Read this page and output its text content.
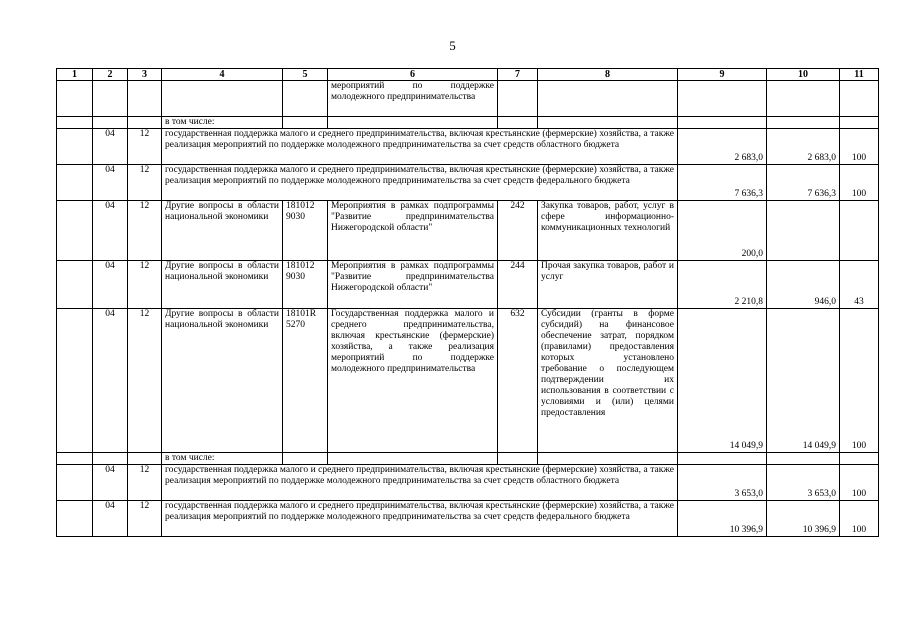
5
1	2	3	4	5	6	7	8	9	10	11
					мероприятий по поддержке молодежного предпринимательства					
			в том числе:							
	04	12	государственная поддержка малого и среднего предпринимательства, включая крестьянские (фермерские) хозяйства, а также реализация мероприятий по поддержке молодежного предпринимательства за счет средств областного бюджета					2 683,0	2 683,0	100
	04	12	государственная поддержка малого и среднего предпринимательства, включая крестьянские (фермерские) хозяйства, а также реализация мероприятий по поддержке молодежного предпринимательства за счет средств федерального бюджета					7 636,3	7 636,3	100
	04	12	Другие вопросы в области национальной экономики	181012 9030	Мероприятия в рамках подпрограммы "Развитие предпринимательства Нижегородской области"	242	Закупка товаров, работ, услуг в сфере информационно-коммуникационных технологий	200,0		
	04	12	Другие вопросы в области национальной экономики	181012 9030	Мероприятия в рамках подпрограммы "Развитие предпринимательства Нижегородской области"	244	Прочая закупка товаров, работ и услуг	2 210,8	946,0	43
	04	12	Другие вопросы в области национальной экономики	18101R 5270	Государственная поддержка малого и среднего предпринимательства, включая крестьянские (фермерские) хозяйства, а также реализация мероприятий по поддержке молодежного предпринимательства	632	Субсидии (гранты в форме субсидий) на финансовое обеспечение затрат, порядком (правилами) предоставления которых установлено требование о последующем подтверждении их использования в соответствии с условиями и (или) целями предоставления	14 049,9	14 049,9	100
			в том числе:							
	04	12	государственная поддержка малого и среднего предпринимательства, включая крестьянские (фермерские) хозяйства, а также реализация мероприятий по поддержке молодежного предпринимательства за счет средств областного бюджета					3 653,0	3 653,0	100
	04	12	государственная поддержка малого и среднего предпринимательства, включая крестьянские (фермерские) хозяйства, а также реализация мероприятий по поддержке молодежного предпринимательства за счет средств федерального бюджета					10 396,9	10 396,9	100
